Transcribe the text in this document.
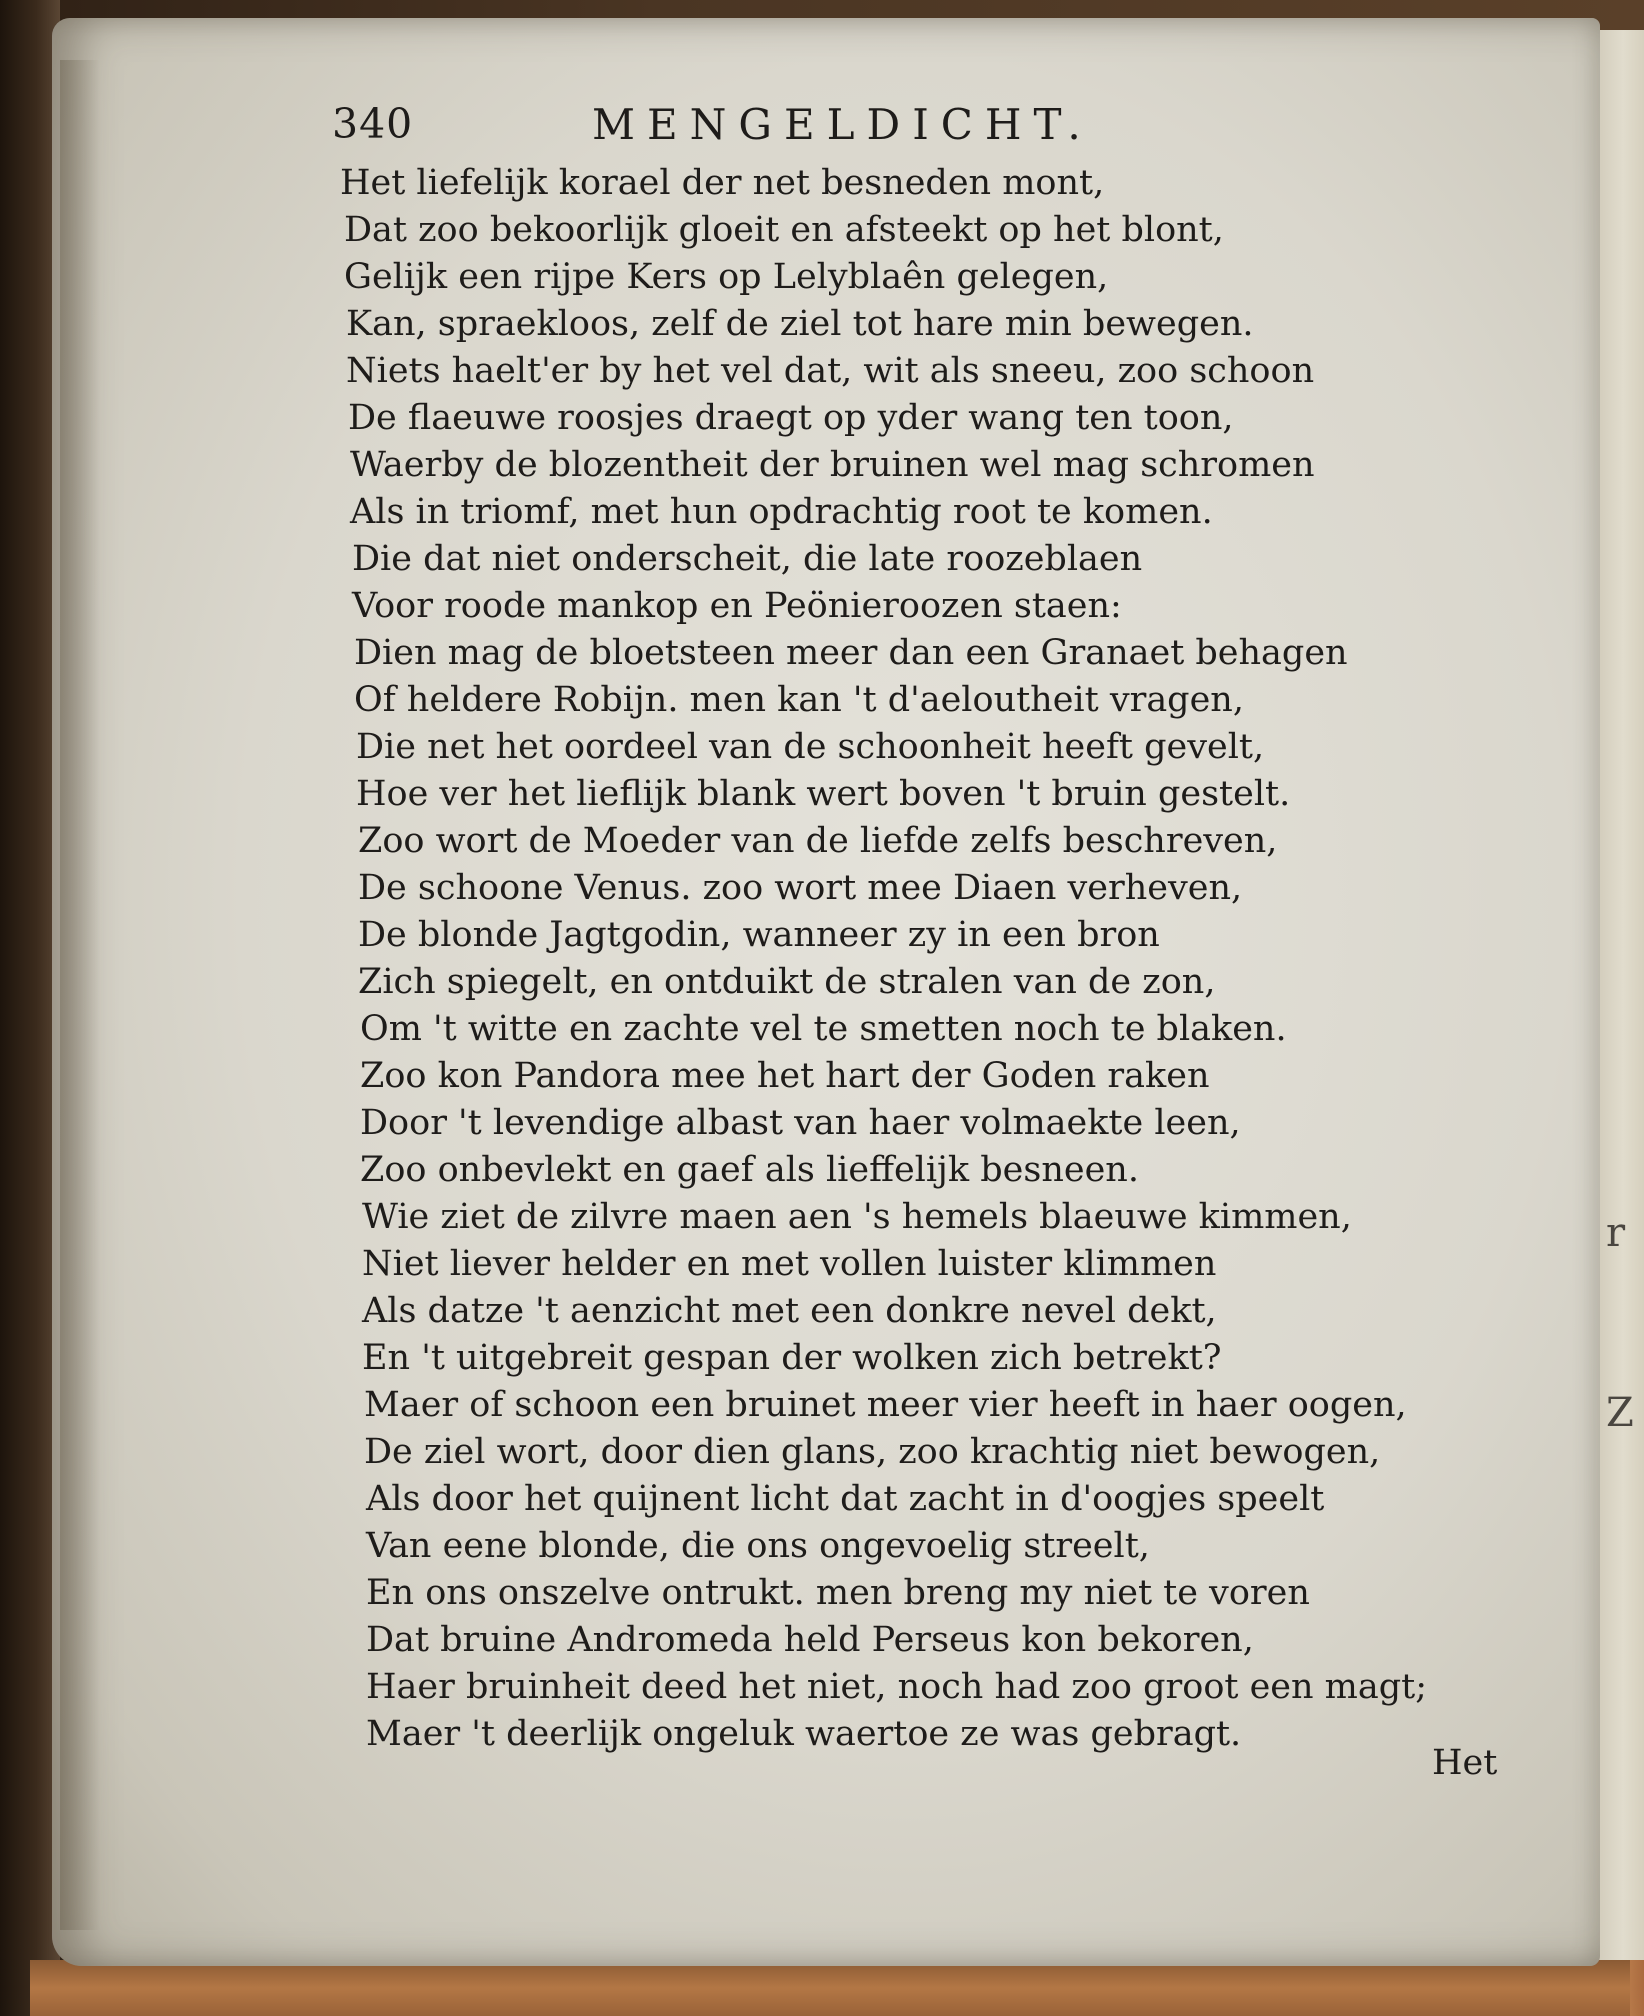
r
Z
340	MENGELDICHT.
Het liefelijk korael der net besneden mont,
Dat zoo bekoorlijk gloeit en afsteekt op het blont,
Gelijk een rijpe Kers op Lelyblaên gelegen,
Kan, spraekloos, zelf de ziel tot hare min bewegen.
Niets haelt'er by het vel dat, wit als sneeu, zoo schoon
De flaeuwe roosjes draegt op yder wang ten toon,
Waerby de blozentheit der bruinen wel mag schromen
Als in triomf, met hun opdrachtig root te komen.
Die dat niet onderscheit, die late roozeblaen
Voor roode mankop en Peönieroozen staen:
Dien mag de bloetsteen meer dan een Granaet behagen
Of heldere Robijn. men kan 't d'aeloutheit vragen,
Die net het oordeel van de schoonheit heeft gevelt,
Hoe ver het lieflijk blank wert boven 't bruin gestelt.
Zoo wort de Moeder van de liefde zelfs beschreven,
De schoone Venus. zoo wort mee Diaen verheven,
De blonde Jagtgodin, wanneer zy in een bron
Zich spiegelt, en ontduikt de stralen van de zon,
Om 't witte en zachte vel te smetten noch te blaken.
Zoo kon Pandora mee het hart der Goden raken
Door 't levendige albast van haer volmaekte leen,
Zoo onbevlekt en gaef als lieffelijk besneen.
Wie ziet de zilvre maen aen 's hemels blaeuwe kimmen,
Niet liever helder en met vollen luister klimmen
Als datze 't aenzicht met een donkre nevel dekt,
En 't uitgebreit gespan der wolken zich betrekt?
Maer of schoon een bruinet meer vier heeft in haer oogen,
De ziel wort, door dien glans, zoo krachtig niet bewogen,
Als door het quijnent licht dat zacht in d'oogjes speelt
Van eene blonde, die ons ongevoelig streelt,
En ons onszelve ontrukt. men breng my niet te voren
Dat bruine Andromeda held Perseus kon bekoren,
Haer bruinheit deed het niet, noch had zoo groot een magt;
Maer 't deerlijk ongeluk waertoe ze was gebragt.
Het
